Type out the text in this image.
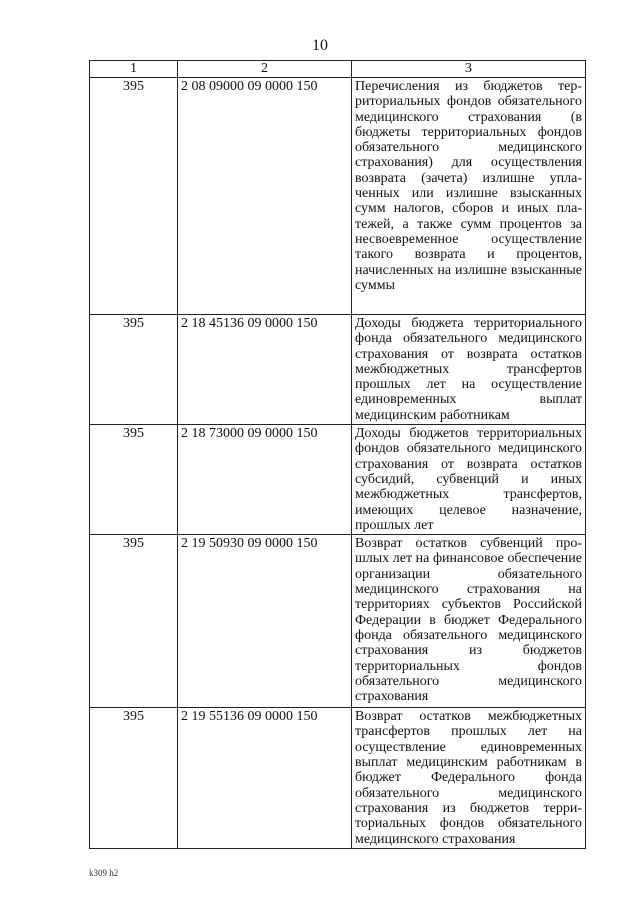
10
1	2	3
395	2 08 09000 09 0000 150	Перечисления из бюджетов территориальных фондов обязательного медицинского страхования (в бюджеты территориальных фондов обязательного медицинского страхования) для осуществления возврата (зачета) излишне уплаченных или излишне взысканных сумм налогов, сборов и иных платежей, а также сумм процентов за несвоевременное осуществление такого возврата и процентов, начисленных на излишне взысканные суммы
395	2 18 45136 09 0000 150	Доходы бюджета территориального фонда обязательного медицинского страхования от возврата остатков межбюджетных трансфертов прошлых лет на осуществление единовременных выплат медицинским работникам
395	2 18 73000 09 0000 150	Доходы бюджетов территориальных фондов обязательного медицинского страхования от возврата остатков субсидий, субвенций и иных межбюджетных трансфертов, имеющих целевое назначение, прошлых лет
395	2 19 50930 09 0000 150	Возврат остатков субвенций прошлых лет на финансовое обеспечение организации обязательного медицинского страхования на территориях субъектов Российской Федерации в бюджет Федерального фонда обязательного медицинского страхования из бюджетов территориальных фондов обязательного медицинского страхования
395	2 19 55136 09 0000 150	Возврат остатков межбюджетных трансфертов прошлых лет на осуществление единовременных выплат медицинским работникам в бюджет Федерального фонда обязательного медицинского страхования из бюджетов территориальных фондов обязательного медицинского страхования
k309 h2
